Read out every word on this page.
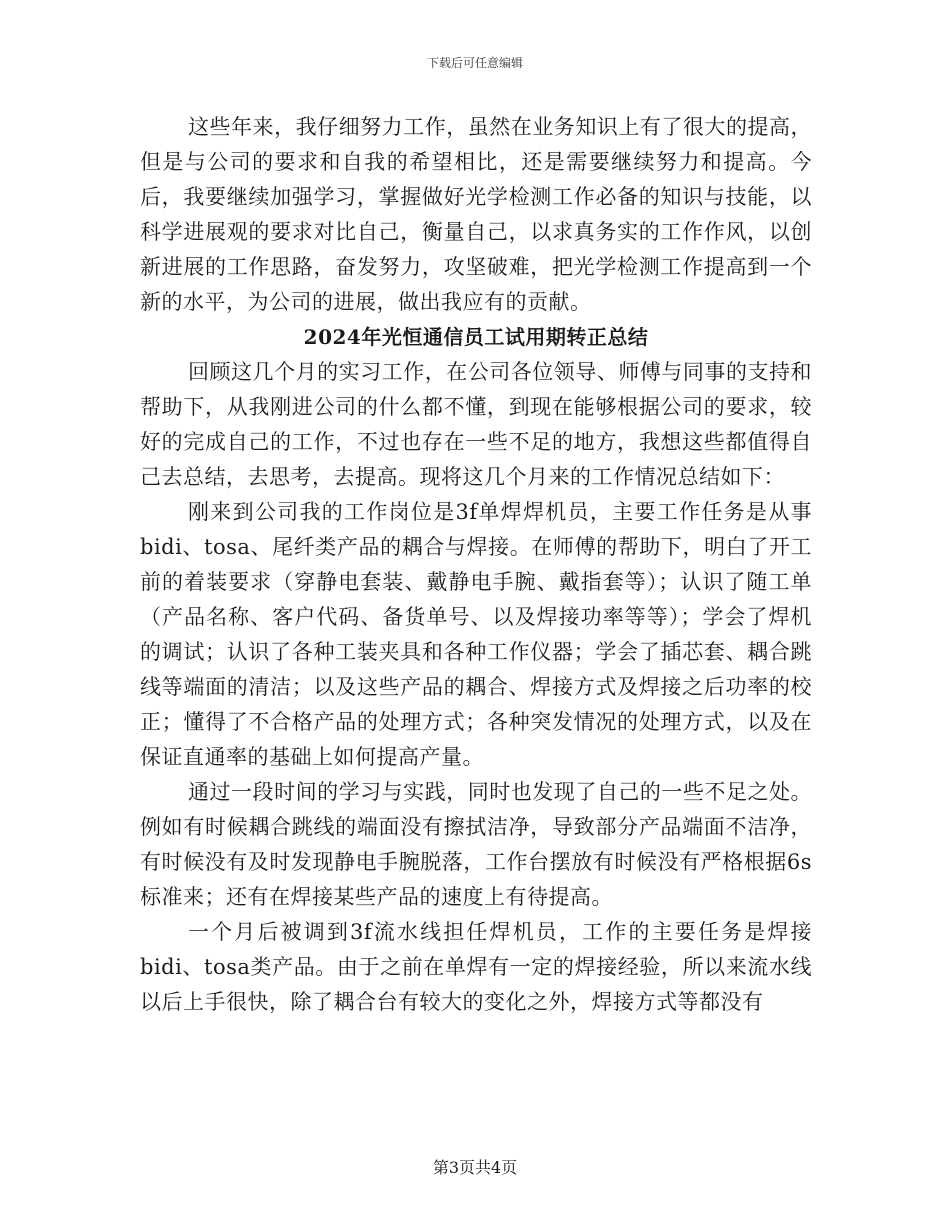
下载后可任意编辑

这些年来，我仔细努力工作，虽然在业务知识上有了很大的提高，但是与公司的要求和自我的希望相比，还是需要继续努力和提高。今后，我要继续加强学习，掌握做好光学检测工作必备的知识与技能，以科学进展观的要求对比自己，衡量自己，以求真务实的工作作风，以创新进展的工作思路，奋发努力，攻坚破难，把光学检测工作提高到一个新的水平，为公司的进展，做出我应有的贡献。

2024年光恒通信员工试用期转正总结

回顾这几个月的实习工作，在公司各位领导、师傅与同事的支持和帮助下，从我刚进公司的什么都不懂，到现在能够根据公司的要求，较好的完成自己的工作，不过也存在一些不足的地方，我想这些都值得自己去总结，去思考，去提高。现将这几个月来的工作情况总结如下：

刚来到公司我的工作岗位是3f单焊焊机员，主要工作任务是从事bidi、tosa、尾纤类产品的耦合与焊接。在师傅的帮助下，明白了开工前的着装要求（穿静电套装、戴静电手腕、戴指套等）；认识了随工单（产品名称、客户代码、备货单号、以及焊接功率等等）；学会了焊机的调试；认识了各种工装夹具和各种工作仪器；学会了插芯套、耦合跳线等端面的清洁；以及这些产品的耦合、焊接方式及焊接之后功率的校正；懂得了不合格产品的处理方式；各种突发情况的处理方式，以及在保证直通率的基础上如何提高产量。

通过一段时间的学习与实践，同时也发现了自己的一些不足之处。例如有时候耦合跳线的端面没有擦拭洁净，导致部分产品端面不洁净，有时候没有及时发现静电手腕脱落，工作台摆放有时候没有严格根据6s标准来；还有在焊接某些产品的速度上有待提高。

一个月后被调到3f流水线担任焊机员，工作的主要任务是焊接bidi、tosa类产品。由于之前在单焊有一定的焊接经验，所以来流水线以后上手很快，除了耦合台有较大的变化之外，焊接方式等都没有

第3页共4页
